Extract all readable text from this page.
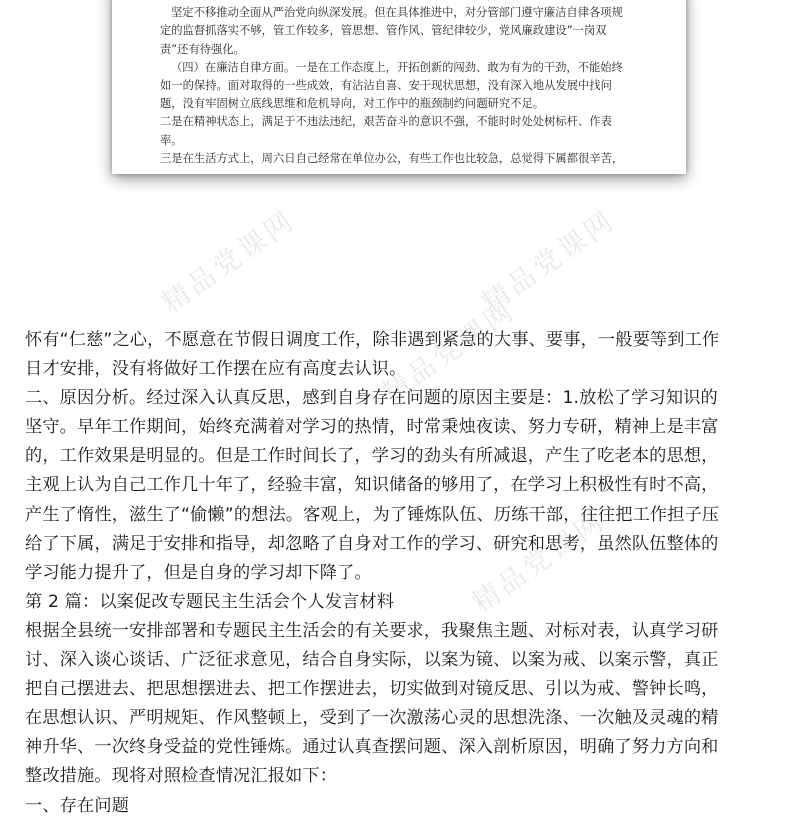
精品党课网	精品党课网
精品党课网
精品党课网

坚定不移推动全面从严治党向纵深发展。但在具体推进中，对分管部门遵守廉洁自律各项规

定的监督抓落实不够，管工作较多，管思想、管作风、管纪律较少，党风廉政建设”一岗双

责”还有待强化。

（四）在廉洁自律方面。一是在工作态度上，开拓创新的闯劲、敢为有为的干劲，不能始终

如一的保持。面对取得的一些成效，有沾沾自喜、安于现状思想，没有深入地从发展中找问

题，没有牢固树立底线思维和危机导向，对工作中的瓶颈制约问题研究不足。

二是在精神状态上，满足于不违法违纪，艰苦奋斗的意识不强，不能时时处处树标杆、作表

率。

三是在生活方式上，周六日自己经常在单位办公，有些工作也比较急，总觉得下属都很辛苦，

怀有“仁慈”之心，不愿意在节假日调度工作，除非遇到紧急的大事、要事，一般要等到工作

日才安排，没有将做好工作摆在应有高度去认识。

二、原因分析。经过深入认真反思，感到自身存在问题的原因主要是：1.放松了学习知识的

坚守。早年工作期间，始终充满着对学习的热情，时常秉烛夜读、努力专研，精神上是丰富

的，工作效果是明显的。但是工作时间长了，学习的劲头有所减退，产生了吃老本的思想，

主观上认为自己工作几十年了，经验丰富，知识储备的够用了，在学习上积极性有时不高，

产生了惰性，滋生了“偷懒”的想法。客观上，为了锤炼队伍、历练干部，往往把工作担子压

给了下属，满足于安排和指导，却忽略了自身对工作的学习、研究和思考，虽然队伍整体的

学习能力提升了，但是自身的学习却下降了。

第 2 篇：以案促改专题民主生活会个人发言材料

根据全县统一安排部署和专题民主生活会的有关要求，我聚焦主题、对标对表，认真学习研

讨、深入谈心谈话、广泛征求意见，结合自身实际，以案为镜、以案为戒、以案示警，真正

把自己摆进去、把思想摆进去、把工作摆进去，切实做到对镜反思、引以为戒、警钟长鸣，

在思想认识、严明规矩、作风整顿上，受到了一次激荡心灵的思想洗涤、一次触及灵魂的精

神升华、一次终身受益的党性锤炼。通过认真查摆问题、深入剖析原因，明确了努力方向和

整改措施。现将对照检查情况汇报如下：

一、存在问题
